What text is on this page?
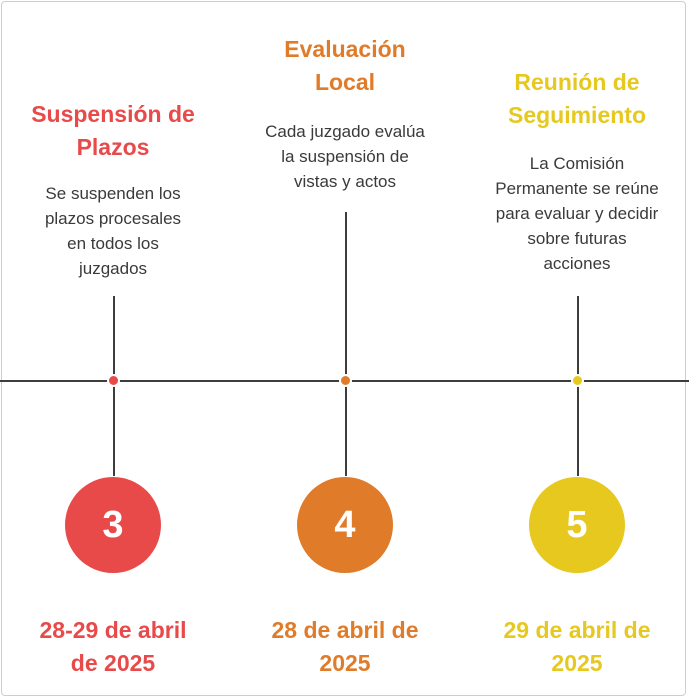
Suspensión de
Plazos
Se suspenden los
plazos procesales
en todos los
juzgados
3
28-29 de abril
de 2025
Evaluación
Local
Cada juzgado evalúa
la suspensión de
vistas y actos
4
28 de abril de
2025
Reunión de
Seguimiento
La Comisión
Permanente se reúne
para evaluar y decidir
sobre futuras
acciones
5
29 de abril de
2025
